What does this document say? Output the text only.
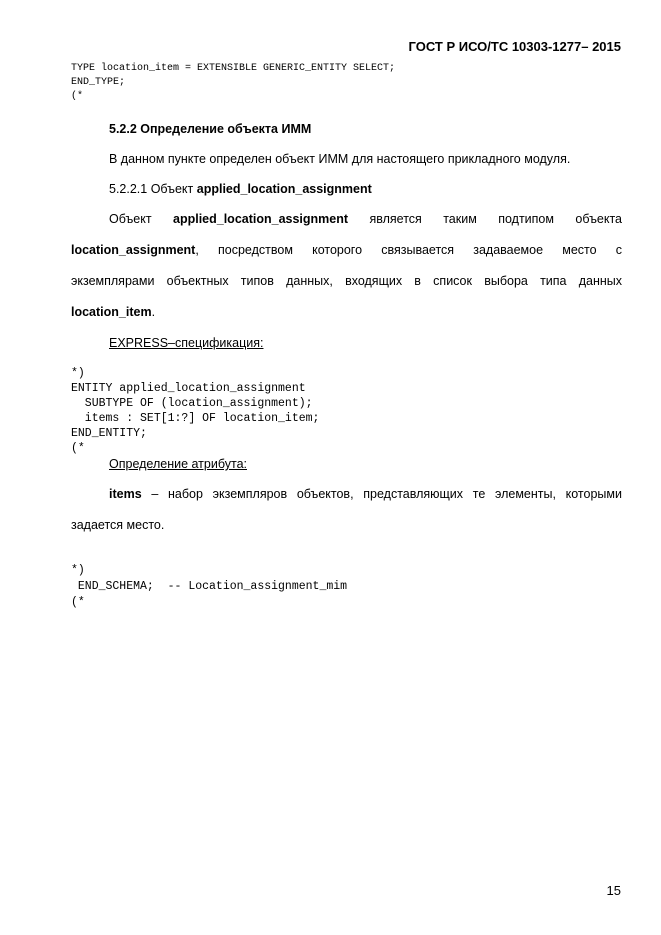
ГОСТ Р ИСО/ТС 10303-1277– 2015
TYPE location_item = EXTENSIBLE GENERIC_ENTITY SELECT;
END_TYPE;
(*
5.2.2 Определение объекта ИММ
В данном пункте определен объект ИММ для настоящего прикладного модуля.
5.2.2.1 Объект applied_location_assignment
Объект applied_location_assignment является таким подтипом объекта
location_assignment, посредством которого связывается задаваемое место с
экземплярами объектных типов данных, входящих в список выбора типа данных
location_item.
EXPRESS–спецификация:
*)
ENTITY applied_location_assignment
SUBTYPE OF (location_assignment);
items : SET[1:?] OF location_item;
END_ENTITY;
(*
Определение атрибута:
items – набор экземпляров объектов, представляющих те элементы, которыми
задается место.
*)
END_SCHEMA;  -- Location_assignment_mim
(*
15
